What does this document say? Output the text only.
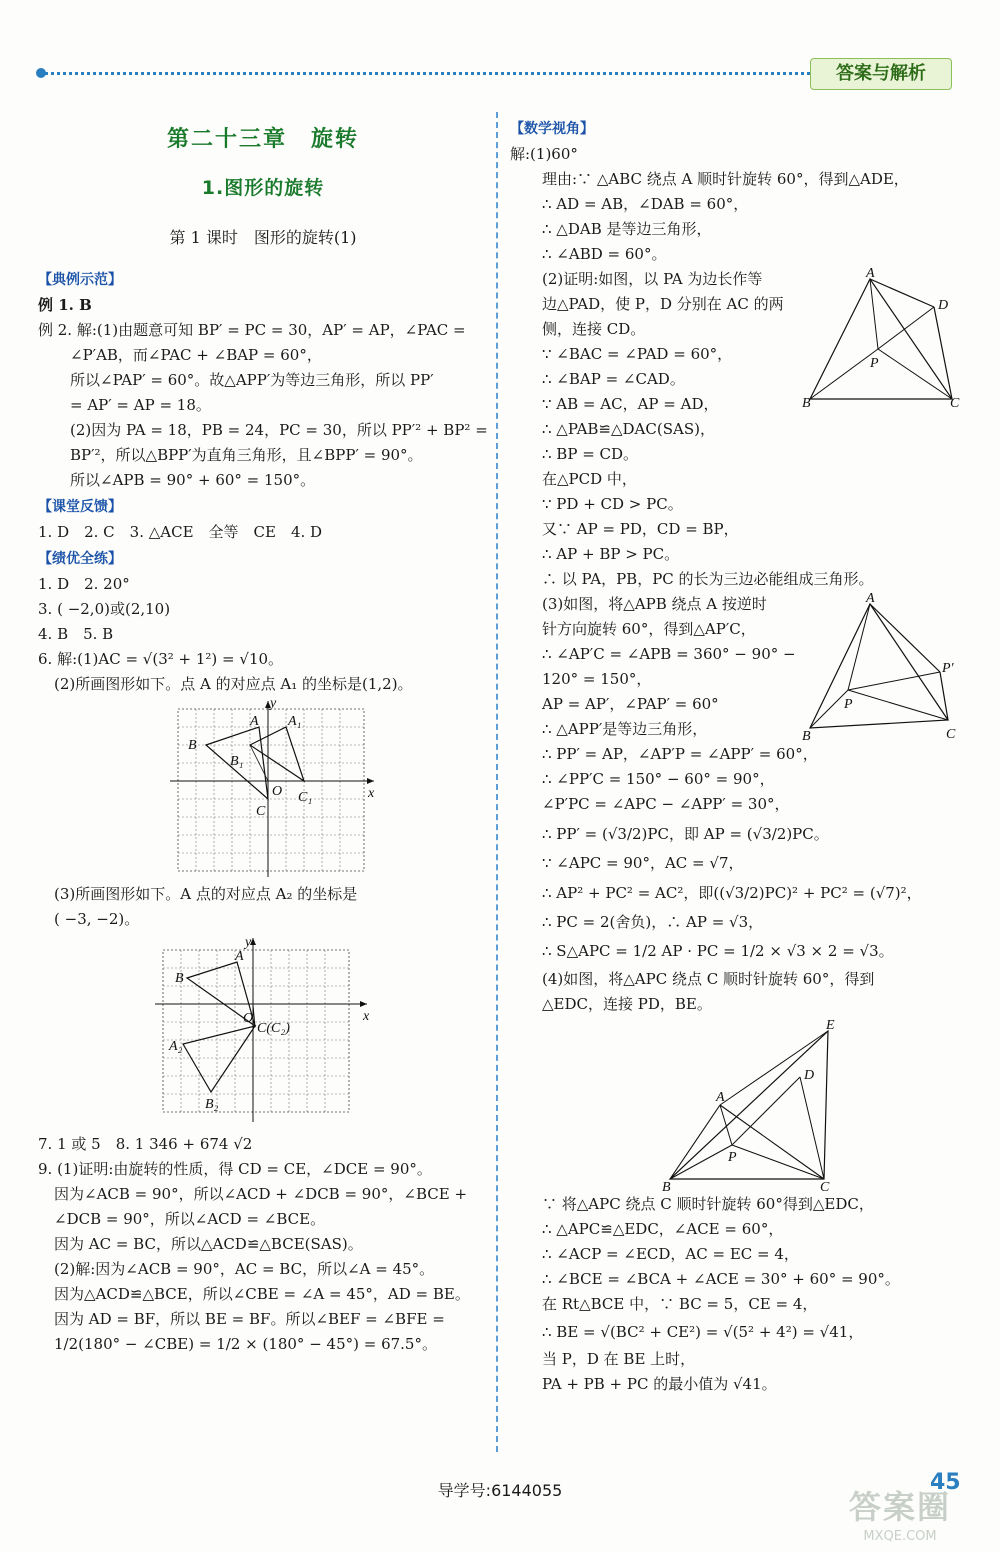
答案与解析
第二十三章　旋转
1.图形的旋转
第 1 课时　图形的旋转(1)
【典例示范】
例 1. B
例 2. 解:(1)由题意可知 BP′ = PC = 30，AP′ = AP，∠PAC =
∠P′AB，而∠PAC + ∠BAP = 60°，
所以∠PAP′ = 60°。故△APP′为等边三角形，所以 PP′
= AP′ = AP = 18。
(2)因为 PA = 18，PB = 24，PC = 30，所以 PP′² + BP² =
BP′²，所以△BPP′为直角三角形，且∠BPP′ = 90°。
所以∠APB = 90° + 60° = 150°。
【课堂反馈】
1. D　2. C　3. △ACE　全等　CE　4. D
【绩优全练】
1. D　2. 20°
3. ( −2,0)或(2,10)
4. B　5. B
6. 解:(1)AC = √(3² + 1²) = √10。
(2)所画图形如下。点 A 的对应点 A₁ 的坐标是(1,2)。
y
x
A A₁
B
B₁
O
C
C₁
(3)所画图形如下。A 点的对应点 A₂ 的坐标是
( −3, −2)。
y
x
A
B
O
C(C₂)
A₂
B₂
7. 1 或 5　8. 1 346 + 674 √2
9. (1)证明:由旋转的性质，得 CD = CE，∠DCE = 90°。
因为∠ACB = 90°，所以∠ACD + ∠DCB = 90°，∠BCE +
∠DCB = 90°，所以∠ACD = ∠BCE。
因为 AC = BC，所以△ACD≌△BCE(SAS)。
(2)解:因为∠ACB = 90°，AC = BC，所以∠A = 45°。
因为△ACD≌△BCE，所以∠CBE = ∠A = 45°，AD = BE。
因为 AD = BF，所以 BE = BF。所以∠BEF = ∠BFE =
1/2(180° − ∠CBE) = 1/2 × (180° − 45°) = 67.5°。
【数学视角】
解:(1)60°
理由:∵ △ABC 绕点 A 顺时针旋转 60°，得到△ADE，
∴ AD = AB，∠DAB = 60°，
∴ △DAB 是等边三角形，
∴ ∠ABD = 60°。
A
D
P
B	C
(2)证明:如图，以 PA 为边长作等
边△PAD，使 P，D 分别在 AC 的两
侧，连接 CD。
∵ ∠BAC = ∠PAD = 60°，
∴ ∠BAP = ∠CAD。
∵ AB = AC，AP = AD，
∴ △PAB≌△DAC(SAS)，
∴ BP = CD。
在△PCD 中，
∵ PD + CD > PC。
又∵ AP = PD，CD = BP，
∴ AP + BP > PC。
∴ 以 PA，PB，PC 的长为三边必能组成三角形。
A
P′
P
B	C
(3)如图，将△APB 绕点 A 按逆时
针方向旋转 60°，得到△AP′C，
∴ ∠AP′C = ∠APB = 360° − 90° −
120° = 150°，
AP = AP′，∠PAP′ = 60°
∴ △APP′是等边三角形，
∴ PP′ = AP，∠AP′P = ∠APP′ = 60°，
∴ ∠PP′C = 150° − 60° = 90°，
∠P′PC = ∠APC − ∠APP′ = 30°，
∴ PP′ = (√3/2)PC，即 AP = (√3/2)PC。
∵ ∠APC = 90°，AC = √7，
∴ AP² + PC² = AC²，即((√3/2)PC)² + PC² = (√7)²，
∴ PC = 2(舍负)，∴ AP = √3，
∴ S△APC = 1/2 AP · PC = 1/2 × √3 × 2 = √3。
(4)如图，将△APC 绕点 C 顺时针旋转 60°，得到
△EDC，连接 PD，BE。
E
D
A
P
B	C
∵ 将△APC 绕点 C 顺时针旋转 60°得到△EDC，
∴ △APC≌△EDC，∠ACE = 60°，
∴ ∠ACP = ∠ECD，AC = EC = 4，
∴ ∠BCE = ∠BCA + ∠ACE = 30° + 60° = 90°。
在 Rt△BCE 中，∵ BC = 5，CE = 4，
∴ BE = √(BC² + CE²) = √(5² + 4²) = √41，
当 P，D 在 BE 上时，
PA + PB + PC 的最小值为 √41。
导学号:6144055	45
答案圈
MXQE.COM
